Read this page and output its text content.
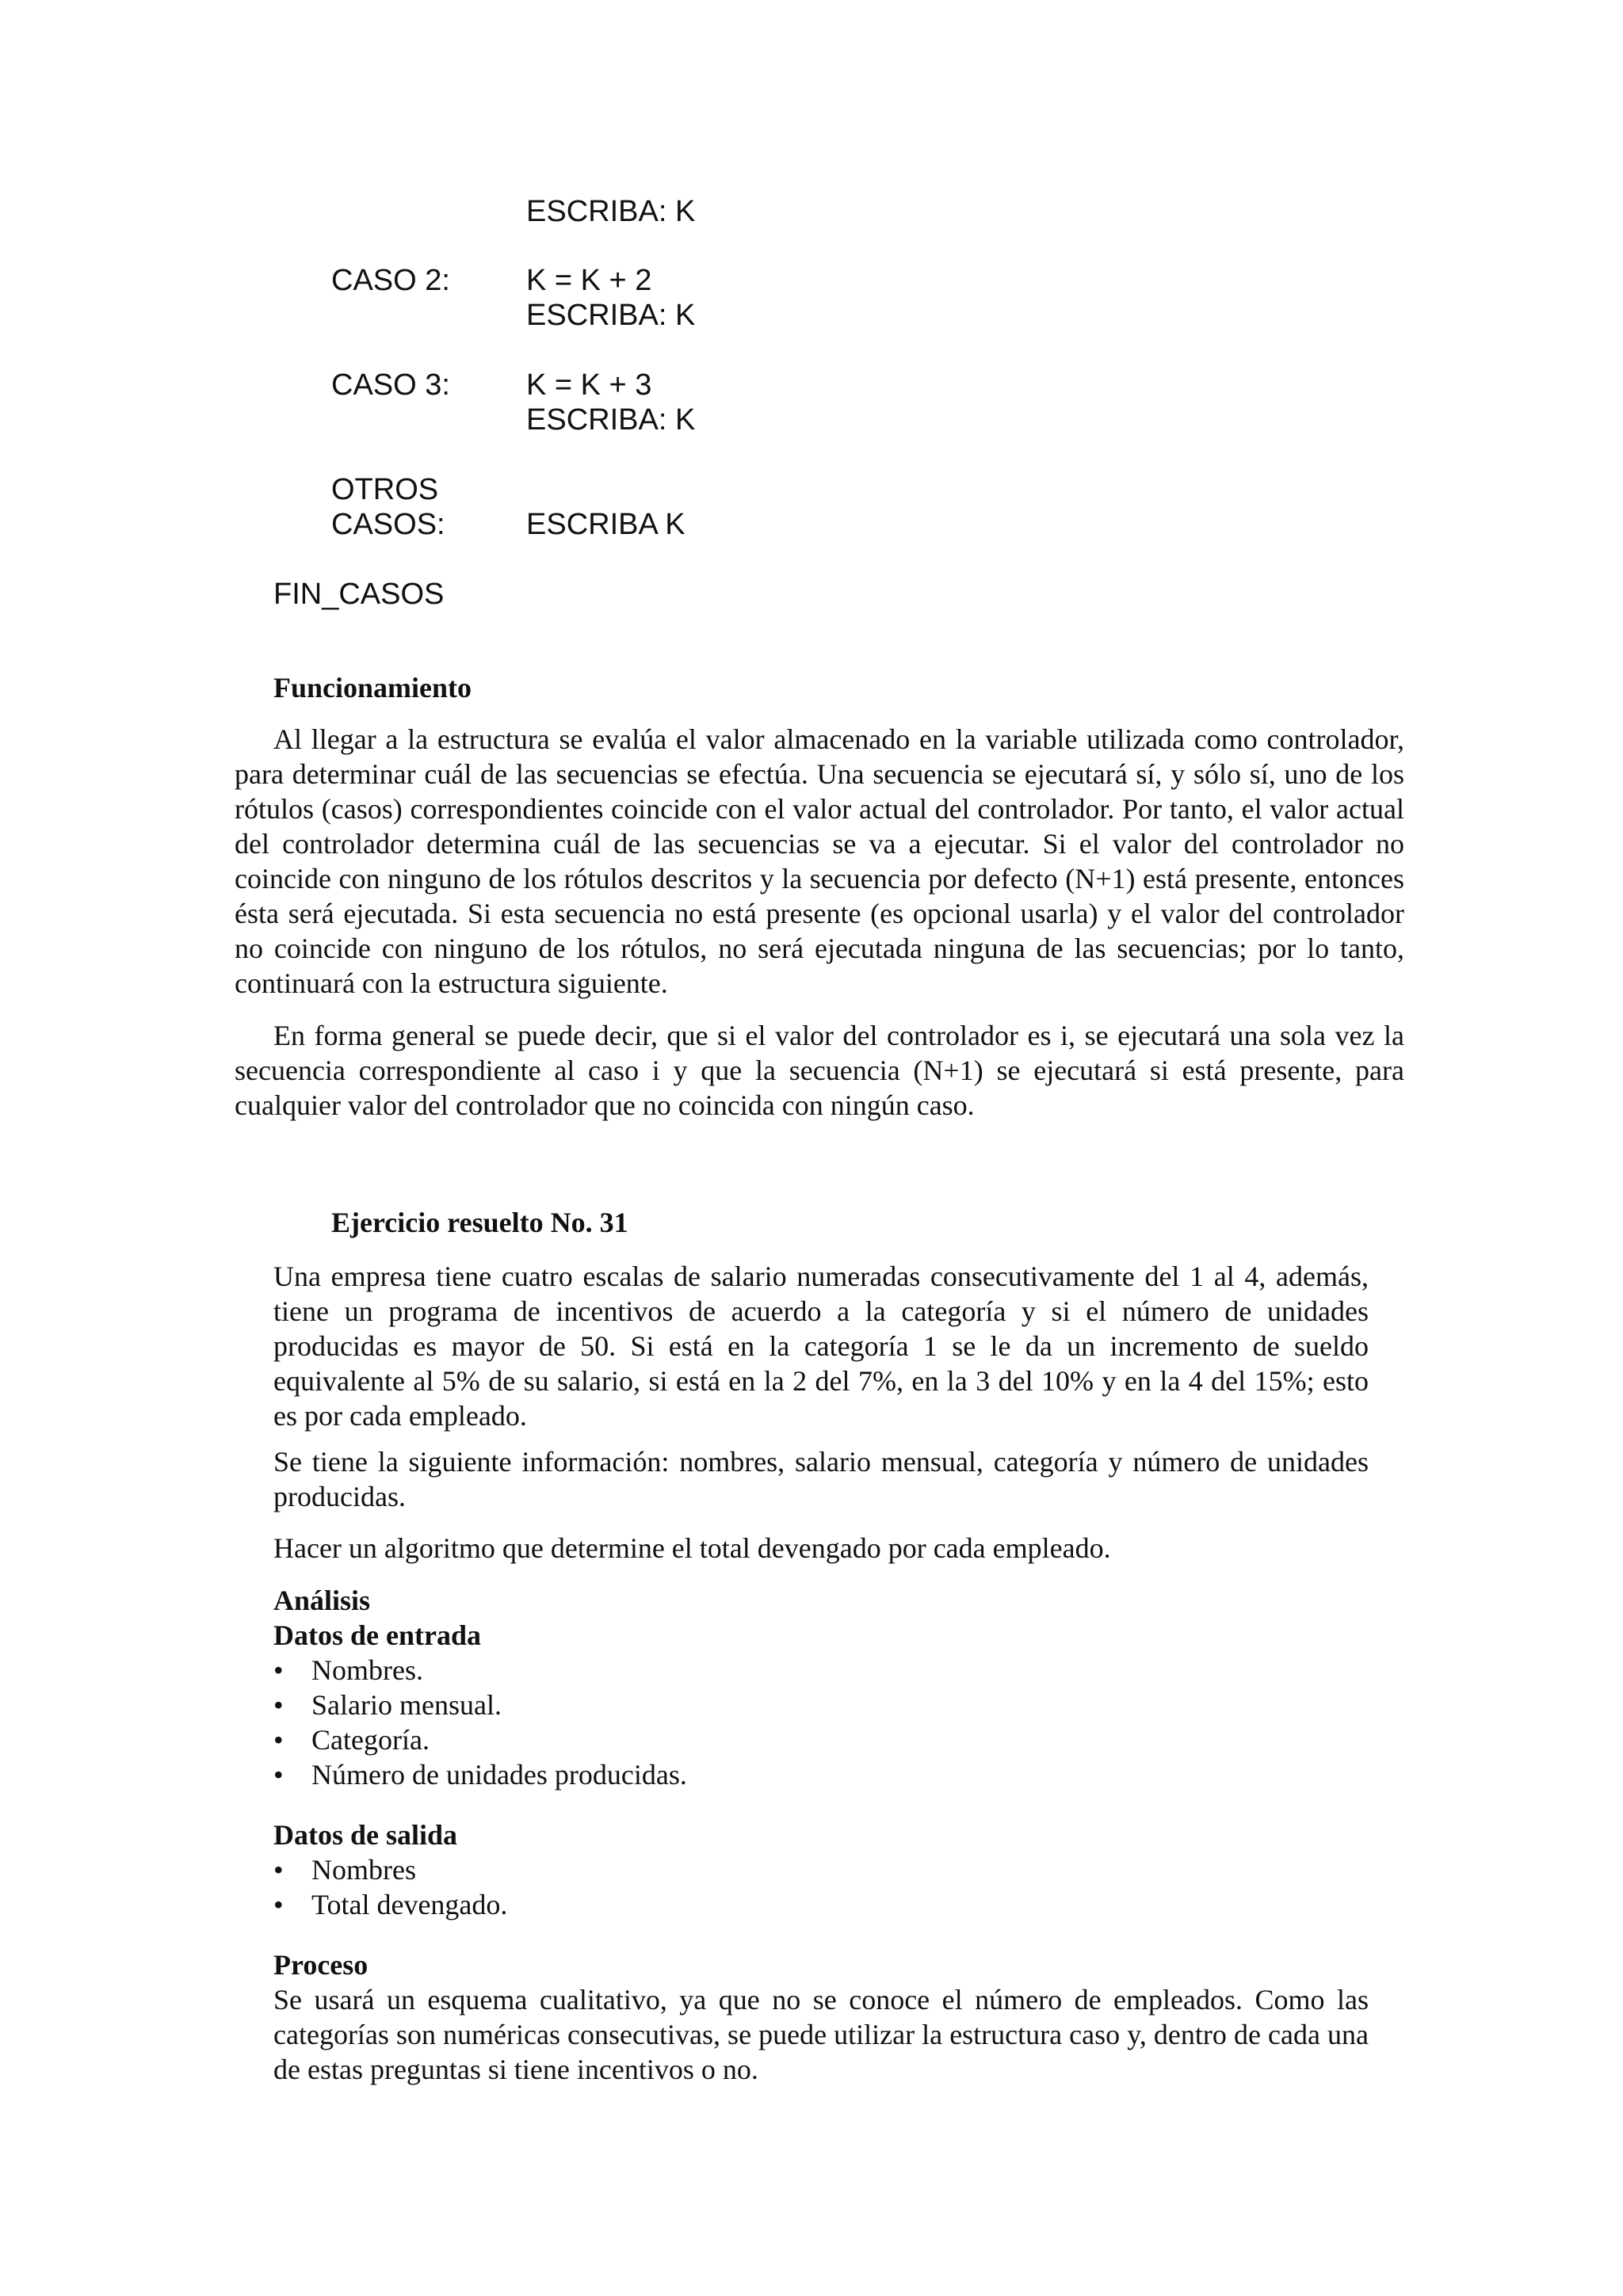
ESCRIBA: K
CASO 2:	K = K + 2
ESCRIBA: K
CASO 3:	K = K + 3
ESCRIBA: K
OTROS
CASOS:	ESCRIBA K
FIN_CASOS
Funcionamiento

Al llegar a la estructura se evalúa el valor almacenado en la variable utilizada como controlador, para determinar cuál de las secuencias se efectúa. Una secuencia se ejecutará sí, y sólo sí, uno de los rótulos (casos) correspondientes coincide con el valor actual del controlador. Por tanto, el valor actual del controlador determina cuál de las secuencias se va a ejecutar. Si el valor del controlador no coincide con ninguno de los rótulos descritos y la secuencia por defecto (N+1) está presente, entonces ésta será ejecutada. Si esta secuencia no está presente (es opcional usarla) y el valor del controlador no coincide con ninguno de los rótulos, no será ejecutada ninguna de las secuencias; por lo tanto, continuará con la estructura siguiente.

En forma general se puede decir, que si el valor del controlador es i, se ejecutará una sola vez la secuencia correspondiente al caso i y que la secuencia (N+1) se ejecutará si está presente, para cualquier valor del controlador que no coincida con ningún caso.

Ejercicio resuelto No. 31

Una empresa tiene cuatro escalas de salario numeradas consecutivamente del 1 al 4, además, tiene un programa de incentivos de acuerdo a la categoría y si el número de unidades producidas es mayor de 50. Si está en la categoría 1 se le da un incremento de sueldo equivalente al 5% de su salario, si está en la 2 del 7%, en la 3 del 10% y en la 4 del 15%; esto es por cada empleado.

Se tiene la siguiente información: nombres, salario mensual, categoría y número de unidades producidas.

Hacer un algoritmo que determine el total devengado por cada empleado.

Análisis
Datos de entrada
• Nombres.
• Salario mensual.
• Categoría.
• Número de unidades producidas.
Datos de salida
• Nombres
• Total devengado.
Proceso

Se usará un esquema cualitativo, ya que no se conoce el número de empleados. Como las categorías son numéricas consecutivas, se puede utilizar la estructura caso y, dentro de cada una de estas preguntas si tiene incentivos o no.
